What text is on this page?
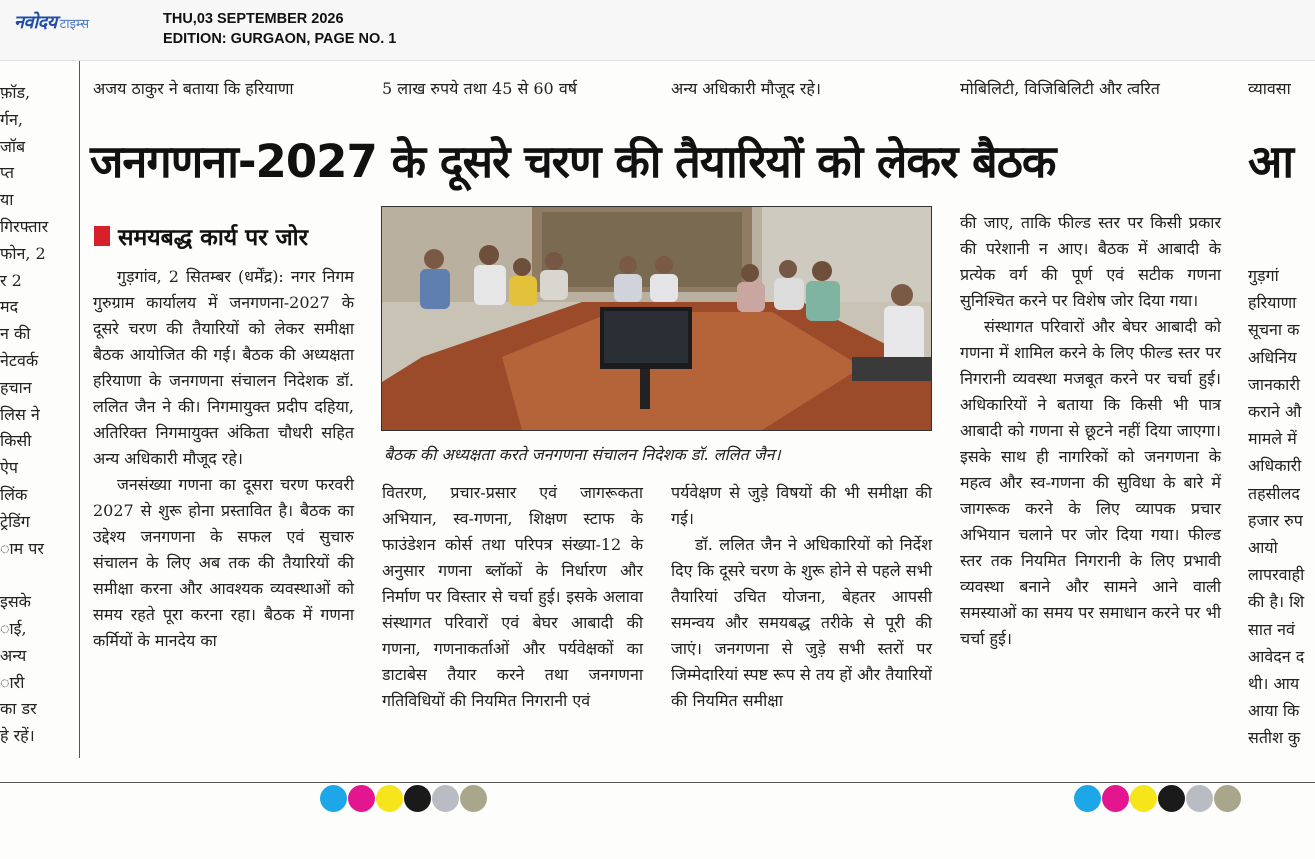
नवोदय टाइम्स	THU,03 SEPTEMBER 2026
EDITION: GURGAON, PAGE NO. 1
अजय ठाकुर ने बताया कि हरियाणा	5 लाख रुपये तथा 45 से 60 वर्ष	अन्य अधिकारी मौजूद रहे।	मोबिलिटी, विजिबिलिटी और त्वरित	व्यावसा
फ़ॉड,
र्गन,
जॉब
प्त
या
गिरफ्तार
फोन, 2
र 2
मद
न की
नेटवर्क
हचान
लिस ने
किसी
ऐप
लिंक
ट्रेडिंग
ाम पर

इसके
ाई,
अन्य
ारी
का डर
हे रहें।
जनगणना-2027 के दूसरे चरण की तैयारियों को लेकर बैठक	आ
समयबद्ध कार्य पर जोर

गुड़गांव, 2 सितम्बर (धर्मेंद्र): नगर निगम गुरुग्राम कार्यालय में जनगणना-2027 के दूसरे चरण की तैयारियों को लेकर समीक्षा बैठक आयोजित की गई। बैठक की अध्यक्षता हरियाणा के जनगणना संचालन निदेशक डॉ. ललित जैन ने की। निगमायुक्त प्रदीप दहिया, अतिरिक्त निगमायुक्त अंकिता चौधरी सहित अन्य अधिकारी मौजूद रहे।

जनसंख्या गणना का दूसरा चरण फरवरी 2027 से शुरू होना प्रस्तावित है। बैठक का उद्देश्य जनगणना के सफल एवं सुचारु संचालन के लिए अब तक की तैयारियों की समीक्षा करना और आवश्यक व्यवस्थाओं को समय रहते पूरा करना रहा। बैठक में गणना कर्मियों के मानदेय का

बैठक की अध्यक्षता करते जनगणना संचालन निदेशक डॉ. ललित जैन।

वितरण, प्रचार-प्रसार एवं जागरूकता अभियान, स्व-गणना, शिक्षण स्टाफ के फाउंडेशन कोर्स तथा परिपत्र संख्या-12 के अनुसार गणना ब्लॉकों के निर्धारण और निर्माण पर विस्तार से चर्चा हुई। इसके अलावा संस्थागत परिवारों एवं बेघर आबादी की गणना, गणनाकर्ताओं और पर्यवेक्षकों का डाटाबेस तैयार करने तथा जनगणना गतिविधियों की नियमित निगरानी एवं

पर्यवेक्षण से जुड़े विषयों की भी समीक्षा की गई।

डॉ. ललित जैन ने अधिकारियों को निर्देश दिए कि दूसरे चरण के शुरू होने से पहले सभी तैयारियां उचित योजना, बेहतर आपसी समन्वय और समयबद्ध तरीके से पूरी की जाएं। जनगणना से जुड़े सभी स्तरों पर जिम्मेदारियां स्पष्ट रूप से तय हों और तैयारियों की नियमित समीक्षा

की जाए, ताकि फील्ड स्तर पर किसी प्रकार की परेशानी न आए। बैठक में आबादी के प्रत्येक वर्ग की पूर्ण एवं सटीक गणना सुनिश्चित करने पर विशेष जोर दिया गया।

संस्थागत परिवारों और बेघर आबादी को गणना में शामिल करने के लिए फील्ड स्तर पर निगरानी व्यवस्था मजबूत करने पर चर्चा हुई। अधिकारियों ने बताया कि किसी भी पात्र आबादी को गणना से छूटने नहीं दिया जाएगा। इसके साथ ही नागरिकों को जनगणना के महत्व और स्व-गणना की सुविधा के बारे में जागरूक करने के लिए व्यापक प्रचार अभियान चलाने पर जोर दिया गया। फील्ड स्तर तक नियमित निगरानी के लिए प्रभावी व्यवस्था बनाने और सामने आने वाली समस्याओं का समय पर समाधान करने पर भी चर्चा हुई।

गुड़गां
हरियाणा
सूचना क
अधिनिय
जानकारी
कराने औ
मामले में
अधिकारी
तहसीलद
हजार रुप
आयो
लापरवाही
की है। शि
सात नवं
आवेदन द
थी। आय
आया कि
सतीश कु
